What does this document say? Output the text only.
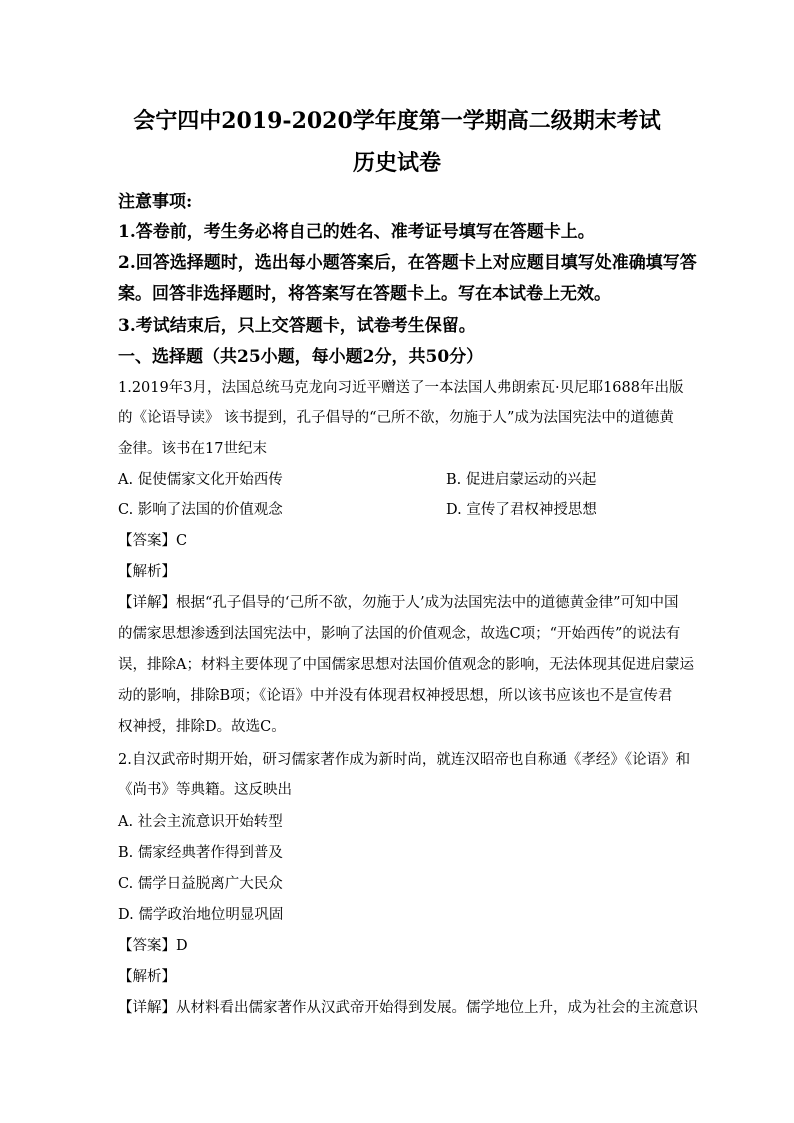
会宁四中2019-2020学年度第一学期高二级期末考试
历史试卷
注意事项:
1.答卷前，考生务必将自己的姓名、准考证号填写在答题卡上。
2.回答选择题时，选出每小题答案后，在答题卡上对应题目填写处准确填写答
案。回答非选择题时，将答案写在答题卡上。写在本试卷上无效。
3.考试结束后，只上交答题卡，试卷考生保留。
一、选择题（共25小题，每小题2分，共50分）
1.2019年3月，法国总统马克龙向习近平赠送了一本法国人弗朗索瓦·贝尼耶1688年出版
的《论语导读》 该书提到，孔子倡导的“己所不欲，勿施于人”成为法国宪法中的道德黄
金律。该书在17世纪末
A. 促使儒家文化开始西传	B. 促进启蒙运动的兴起
C. 影响了法国的价值观念	D. 宣传了君权神授思想
【答案】C
【解析】
【详解】根据“孔子倡导的‘己所不欲，勿施于人’成为法国宪法中的道德黄金律”可知中国
的儒家思想渗透到法国宪法中，影响了法国的价值观念，故选C项；“开始西传”的说法有
误，排除A；材料主要体现了中国儒家思想对法国价值观念的影响，无法体现其促进启蒙运
动的影响，排除B项；《论语》中并没有体现君权神授思想，所以该书应该也不是宣传君
权神授，排除D。故选C。
2.自汉武帝时期开始，研习儒家著作成为新时尚，就连汉昭帝也自称通《孝经》《论语》和
《尚书》等典籍。这反映出
A. 社会主流意识开始转型
B. 儒家经典著作得到普及
C. 儒学日益脱离广大民众
D. 儒学政治地位明显巩固
【答案】D
【解析】
【详解】从材料看出儒家著作从汉武帝开始得到发展。儒学地位上升，成为社会的主流意识
